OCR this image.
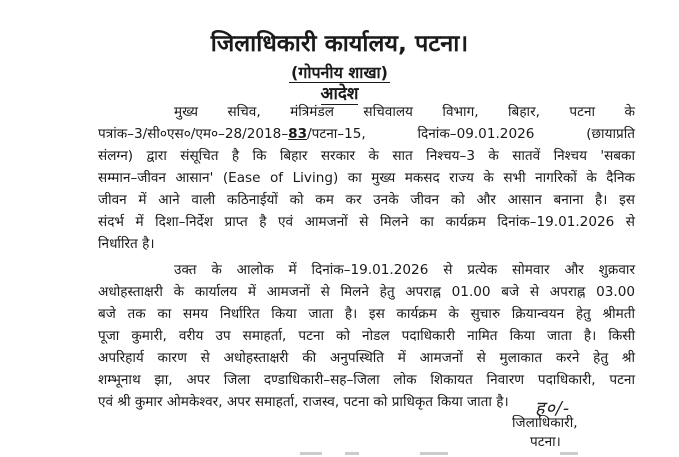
जिलाधिकारी कार्यालय, पटना।
(गोपनीय शाखा)
आदेश
मुख्य सचिव, मंत्रिमंडल सचिवालय विभाग, बिहार, पटना के
पत्रांक–3/सी०एस०/एम०–28/2018–83/पटना–15, दिनांक–09.01.2026 (छायाप्रति
संलग्न) द्वारा संसूचित है कि बिहार सरकार के सात निश्चय–3 के सातवें निश्चय 'सबका
सम्मान–जीवन आसान' (Ease of Living) का मुख्य मकसद राज्य के सभी नागरिकों के दैनिक
जीवन में आने वाली कठिनाईयों को कम कर उनके जीवन को और आसान बनाना है। इस
संदर्भ में दिशा–निर्देश प्राप्त है एवं आमजनों से मिलने का कार्यक्रम दिनांक–19.01.2026 से
निर्धारित है।
उक्त के आलोक में दिनांक–19.01.2026 से प्रत्येक सोमवार और शुक्रवार
अधोहस्ताक्षरी के कार्यालय में आमजनों से मिलने हेतु अपराह्न 01.00 बजे से अपराह्न 03.00
बजे तक का समय निर्धारित किया जाता है। इस कार्यक्रम के सुचारु क्रियान्वयन हेतु श्रीमती
पूजा कुमारी, वरीय उप समाहर्ता, पटना को नोडल पदाधिकारी नामित किया जाता है। किसी
अपरिहार्य कारण से अधोहस्ताक्षरी की अनुपस्थिति में आमजनों से मुलाकात करने हेतु श्री
शम्भूनाथ झा, अपर जिला दण्डाधिकारी–सह–जिला लोक शिकायत निवारण पदाधिकारी, पटना
एवं श्री कुमार ओमकेश्वर, अपर समाहर्ता, राजस्व, पटना को प्राधिकृत किया जाता है।	ह०/-
जिलाधिकारी,
पटना।
